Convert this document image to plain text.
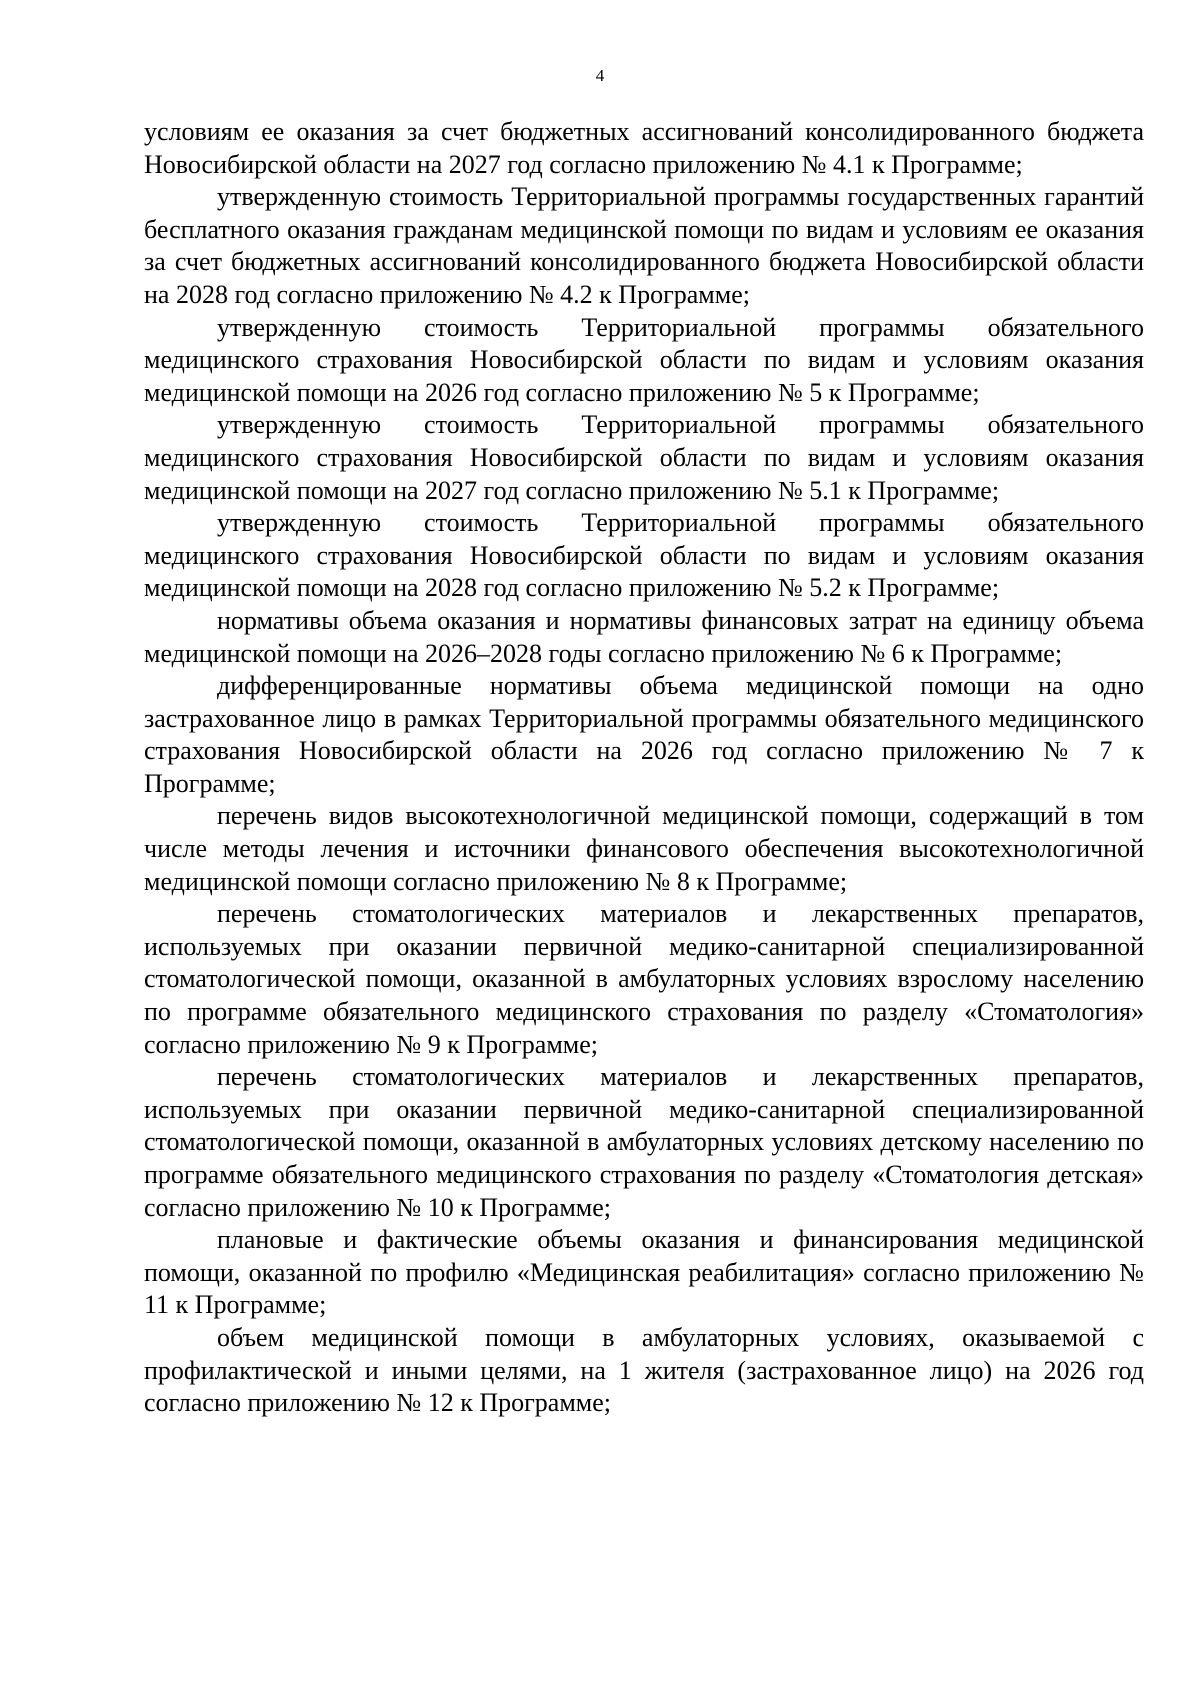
4

условиям ее оказания за счет бюджетных ассигнований консолидированного бюджета Новосибирской области на 2027 год согласно приложению № 4.1 к Программе;

утвержденную стоимость Территориальной программы государственных гарантий бесплатного оказания гражданам медицинской помощи по видам и условиям ее оказания за счет бюджетных ассигнований консолидированного бюджета Новосибирской области на 2028 год согласно приложению № 4.2 к Программе;

утвержденную стоимость Территориальной программы обязательного медицинского страхования Новосибирской области по видам и условиям оказания медицинской помощи на 2026 год согласно приложению № 5 к Программе;

утвержденную стоимость Территориальной программы обязательного медицинского страхования Новосибирской области по видам и условиям оказания медицинской помощи на 2027 год согласно приложению № 5.1 к Программе;

утвержденную стоимость Территориальной программы обязательного медицинского страхования Новосибирской области по видам и условиям оказания медицинской помощи на 2028 год согласно приложению № 5.2 к Программе;

нормативы объема оказания и нормативы финансовых затрат на единицу объема медицинской помощи на 2026–2028 годы согласно приложению № 6 к Программе;

дифференцированные нормативы объема медицинской помощи на одно застрахованное лицо в рамках Территориальной программы обязательного медицинского страхования Новосибирской области на 2026 год согласно приложению № 7 к Программе;

перечень видов высокотехнологичной медицинской помощи, содержащий в том числе методы лечения и источники финансового обеспечения высокотехнологичной медицинской помощи согласно приложению № 8 к Программе;

перечень стоматологических материалов и лекарственных препаратов, используемых при оказании первичной медико-санитарной специализированной стоматологической помощи, оказанной в амбулаторных условиях взрослому населению по программе обязательного медицинского страхования по разделу «Стоматология» согласно приложению № 9 к Программе;

перечень стоматологических материалов и лекарственных препаратов, используемых при оказании первичной медико-санитарной специализированной стоматологической помощи, оказанной в амбулаторных условиях детскому населению по программе обязательного медицинского страхования по разделу «Стоматология детская» согласно приложению № 10 к Программе;

плановые и фактические объемы оказания и финансирования медицинской помощи, оказанной по профилю «Медицинская реабилитация» согласно приложению № 11 к Программе;

объем медицинской помощи в амбулаторных условиях, оказываемой с профилактической и иными целями, на 1 жителя (застрахованное лицо) на 2026 год согласно приложению № 12 к Программе;
